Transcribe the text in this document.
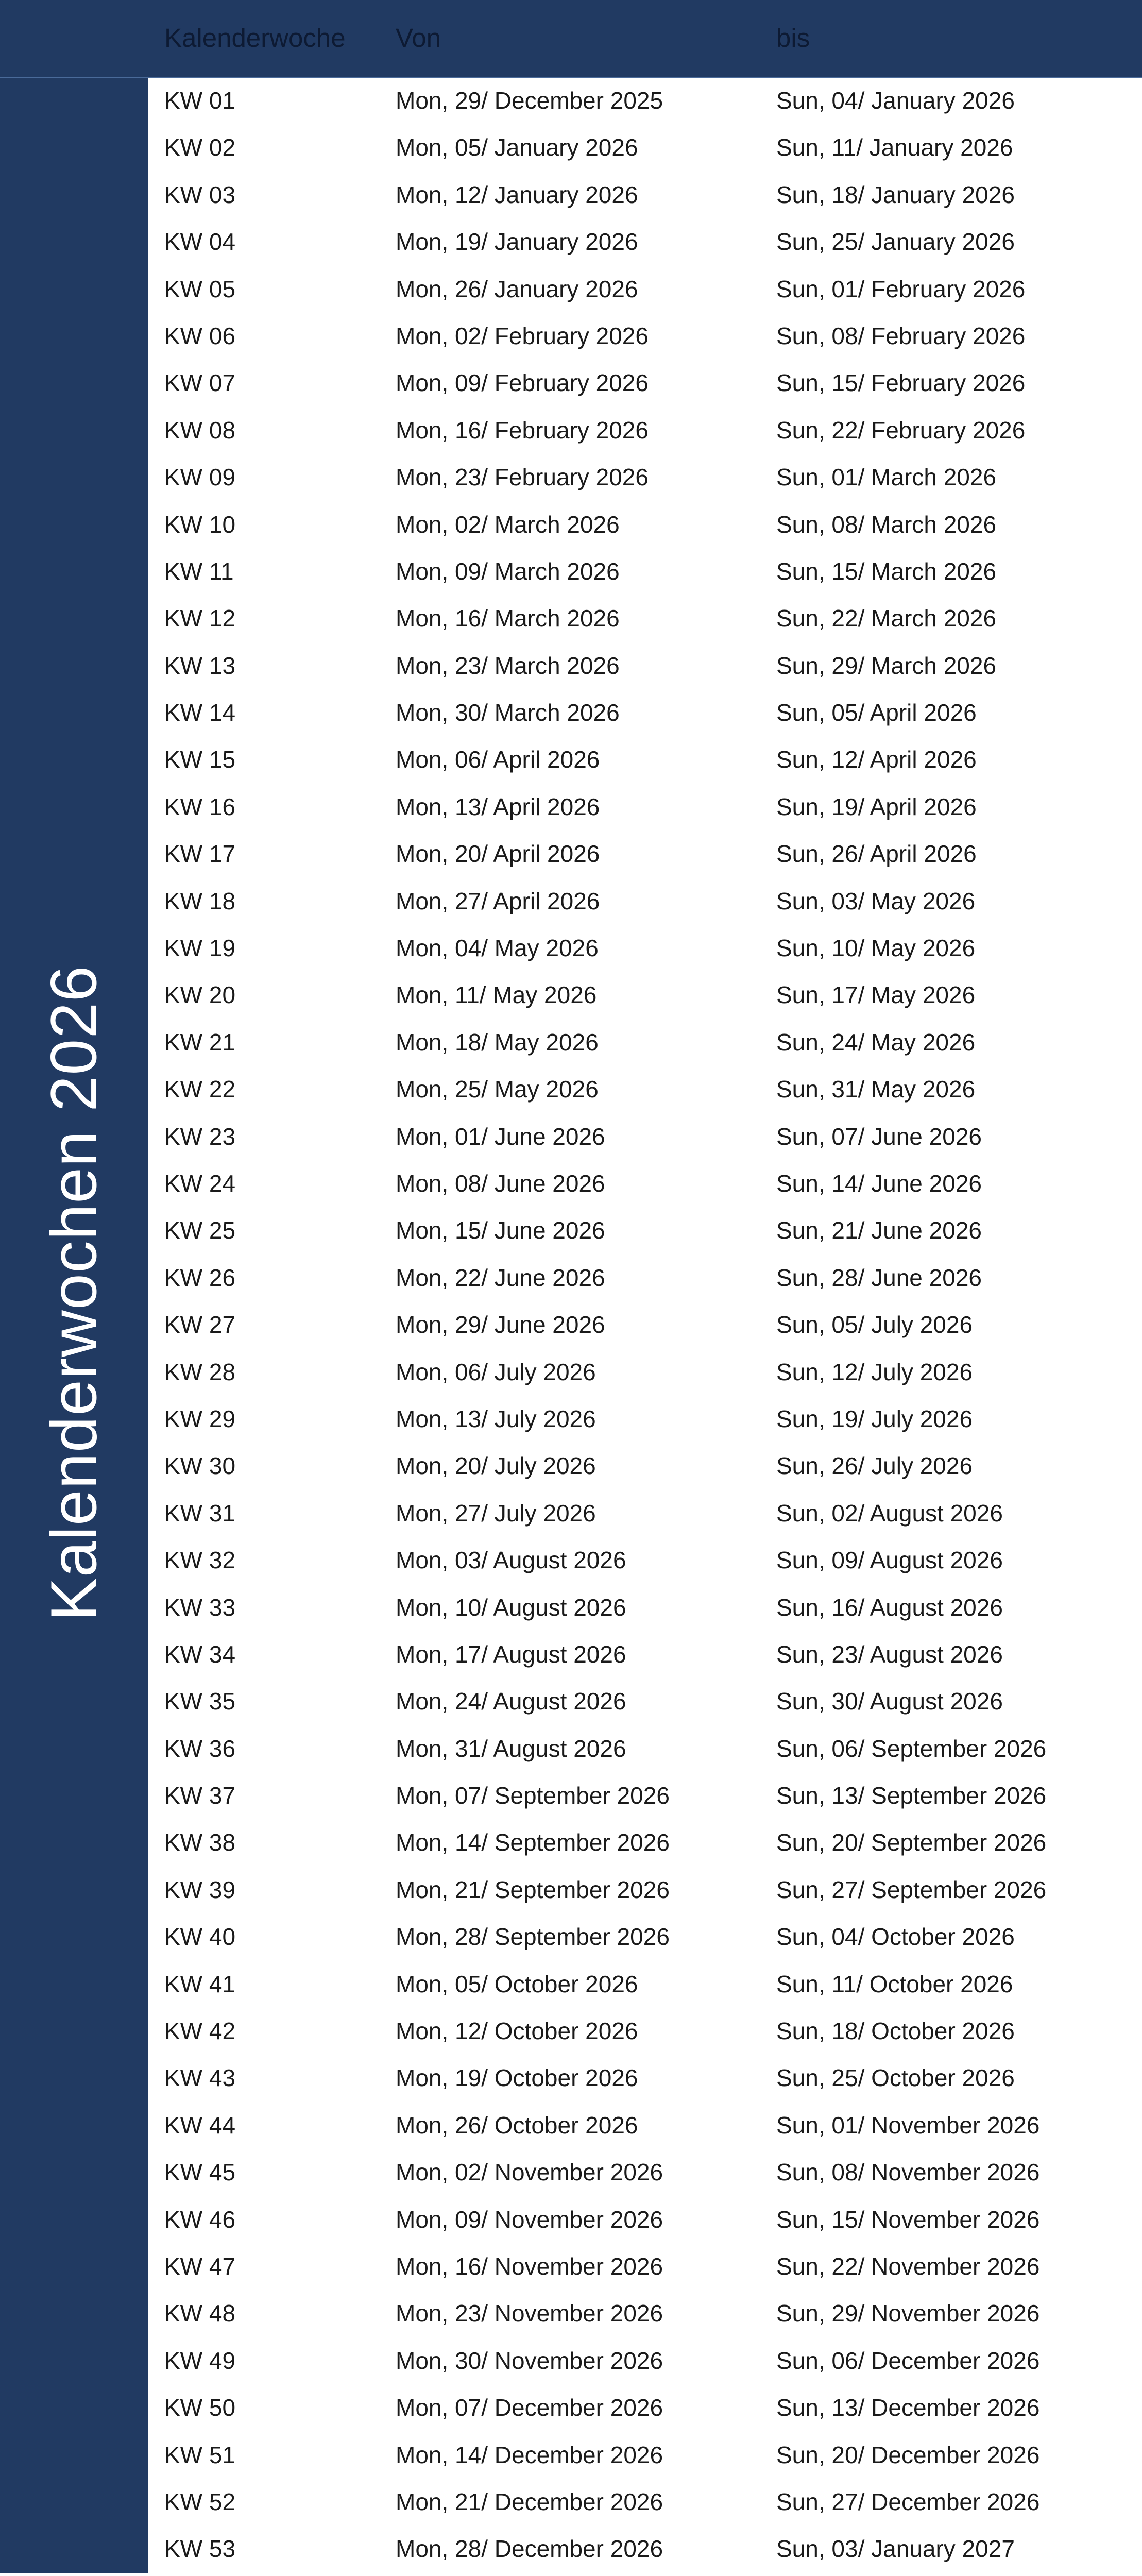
Kalenderwoche Von	bis
Kalenderwochen 2026
KW 01	Mon, 29/ December 2025	Sun, 04/ January 2026
KW 02	Mon, 05/ January 2026	Sun, 11/ January 2026
KW 03	Mon, 12/ January 2026	Sun, 18/ January 2026
KW 04	Mon, 19/ January 2026	Sun, 25/ January 2026
KW 05	Mon, 26/ January 2026	Sun, 01/ February 2026
KW 06	Mon, 02/ February 2026	Sun, 08/ February 2026
KW 07	Mon, 09/ February 2026	Sun, 15/ February 2026
KW 08	Mon, 16/ February 2026	Sun, 22/ February 2026
KW 09	Mon, 23/ February 2026	Sun, 01/ March 2026
KW 10	Mon, 02/ March 2026	Sun, 08/ March 2026
KW 11	Mon, 09/ March 2026	Sun, 15/ March 2026
KW 12	Mon, 16/ March 2026	Sun, 22/ March 2026
KW 13	Mon, 23/ March 2026	Sun, 29/ March 2026
KW 14	Mon, 30/ March 2026	Sun, 05/ April 2026
KW 15	Mon, 06/ April 2026	Sun, 12/ April 2026
KW 16	Mon, 13/ April 2026	Sun, 19/ April 2026
KW 17	Mon, 20/ April 2026	Sun, 26/ April 2026
KW 18	Mon, 27/ April 2026	Sun, 03/ May 2026
KW 19	Mon, 04/ May 2026	Sun, 10/ May 2026
KW 20	Mon, 11/ May 2026	Sun, 17/ May 2026
KW 21	Mon, 18/ May 2026	Sun, 24/ May 2026
KW 22	Mon, 25/ May 2026	Sun, 31/ May 2026
KW 23	Mon, 01/ June 2026	Sun, 07/ June 2026
KW 24	Mon, 08/ June 2026	Sun, 14/ June 2026
KW 25	Mon, 15/ June 2026	Sun, 21/ June 2026
KW 26	Mon, 22/ June 2026	Sun, 28/ June 2026
KW 27	Mon, 29/ June 2026	Sun, 05/ July 2026
KW 28	Mon, 06/ July 2026	Sun, 12/ July 2026
KW 29	Mon, 13/ July 2026	Sun, 19/ July 2026
KW 30	Mon, 20/ July 2026	Sun, 26/ July 2026
KW 31	Mon, 27/ July 2026	Sun, 02/ August 2026
KW 32	Mon, 03/ August 2026	Sun, 09/ August 2026
KW 33	Mon, 10/ August 2026	Sun, 16/ August 2026
KW 34	Mon, 17/ August 2026	Sun, 23/ August 2026
KW 35	Mon, 24/ August 2026	Sun, 30/ August 2026
KW 36	Mon, 31/ August 2026	Sun, 06/ September 2026
KW 37	Mon, 07/ September 2026	Sun, 13/ September 2026
KW 38	Mon, 14/ September 2026	Sun, 20/ September 2026
KW 39	Mon, 21/ September 2026	Sun, 27/ September 2026
KW 40	Mon, 28/ September 2026	Sun, 04/ October 2026
KW 41	Mon, 05/ October 2026	Sun, 11/ October 2026
KW 42	Mon, 12/ October 2026	Sun, 18/ October 2026
KW 43	Mon, 19/ October 2026	Sun, 25/ October 2026
KW 44	Mon, 26/ October 2026	Sun, 01/ November 2026
KW 45	Mon, 02/ November 2026	Sun, 08/ November 2026
KW 46	Mon, 09/ November 2026	Sun, 15/ November 2026
KW 47	Mon, 16/ November 2026	Sun, 22/ November 2026
KW 48	Mon, 23/ November 2026	Sun, 29/ November 2026
KW 49	Mon, 30/ November 2026	Sun, 06/ December 2026
KW 50	Mon, 07/ December 2026	Sun, 13/ December 2026
KW 51	Mon, 14/ December 2026	Sun, 20/ December 2026
KW 52	Mon, 21/ December 2026	Sun, 27/ December 2026
KW 53	Mon, 28/ December 2026	Sun, 03/ January 2027
